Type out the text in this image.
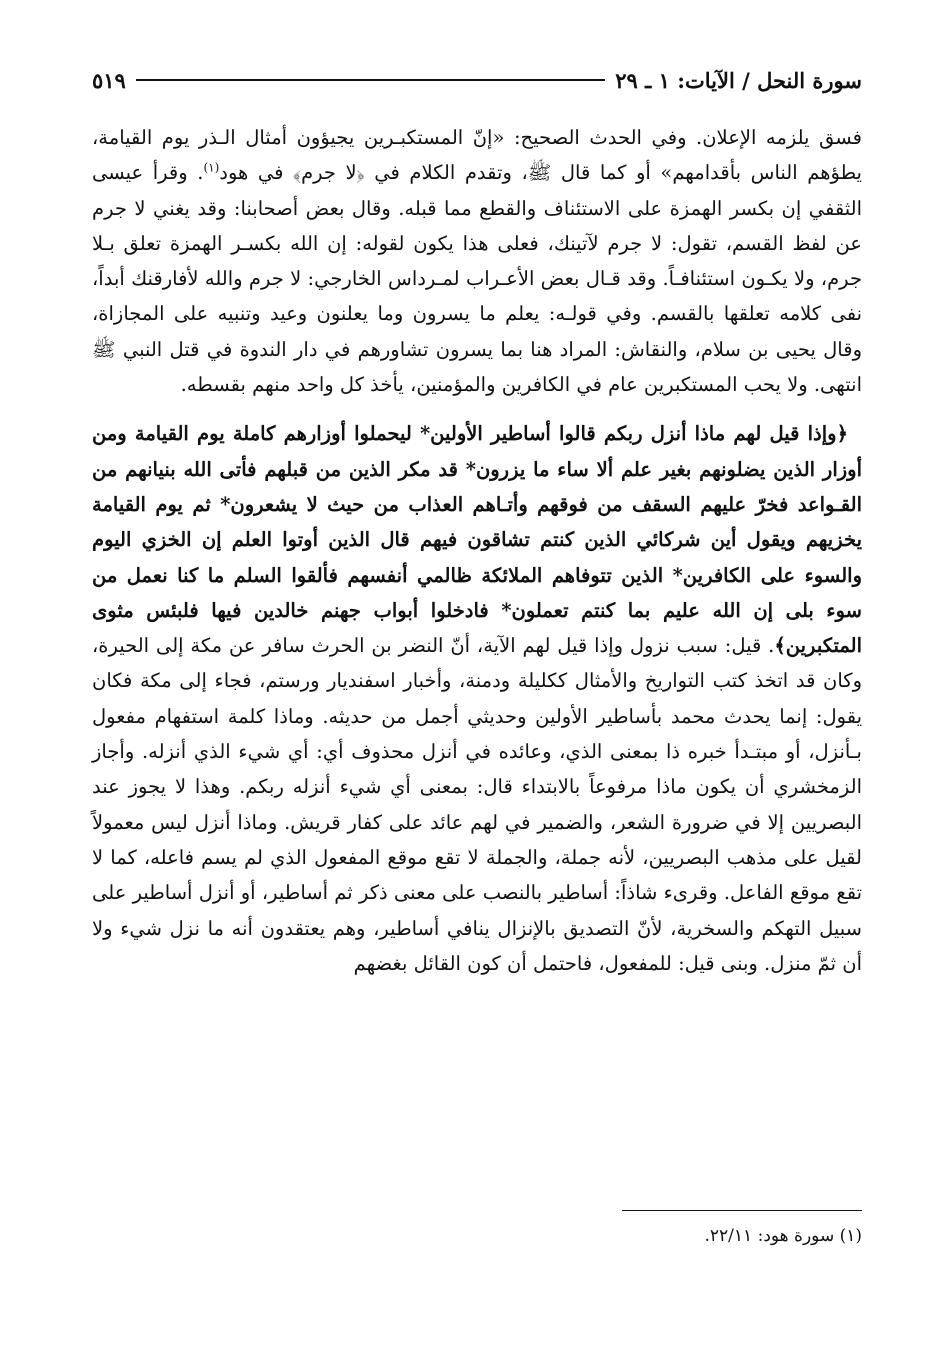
سورة النحل / الآيات: ١ ـ ٢٩
٥١٩

فسق يلزمه الإعلان. وفي الحدث الصحيح: «إنّ المستكبـرين يجيؤون أمثال الـذر يوم القيامة، يطؤهم الناس بأقدامهم» أو كما قال ﷺ، وتقدم الكلام في ﴿لا جرم﴾ في هود$^{(١)}$. وقرأ عيسى الثقفي إن بكسر الهمزة على الاستئناف والقطع مما قبله. وقال بعض أصحابنا: وقد يغني لا جرم عن لفظ القسم، تقول: لا جرم لآتينك، فعلى هذا يكون لقوله: إن الله بكسـر الهمزة تعلق بـلا جرم، ولا يكـون استئنافـاً. وقد قـال بعض الأعـراب لمـرداس الخارجي: لا جرم والله لأفارقنك أبداً، نفى كلامه تعلقها بالقسم. وفي قولـه: يعلم ما يسرون وما يعلنون وعيد وتنبيه على المجازاة، وقال يحيى بن سلام، والنقاش: المراد هنا بما يسرون تشاورهم في دار الندوة في قتل النبي ﷺ انتهى. ولا يحب المستكبرين عام في الكافرين والمؤمنين، يأخذ كل واحد منهم بقسطه.

﴿وإذا قيل لهم ماذا أنزل ربكم قالوا أساطير الأولين* ليحملوا أوزارهم كاملة يوم القيامة ومن أوزار الذين يضلونهم بغير علم ألا ساء ما يزرون* قد مكر الذين من قبلهم فأتى الله بنيانهم من القـواعد فخرّ عليهم السقف من فوقهم وأتـاهم العذاب من حيث لا يشعرون* ثم يوم القيامة يخزيهم ويقول أين شركائي الذين كنتم تشاقون فيهم قال الذين أوتوا العلم إن الخزي اليوم والسوء على الكافرين* الذين تتوفاهم الملائكة ظالمي أنفسهم فألقوا السلم ما كنا نعمل من سوء بلى إن الله عليم بما كنتم تعملون* فادخلوا أبواب جهنم خالدين فيها فلبئس مثوى المتكبرين﴾. قيل: سبب نزول وإذا قيل لهم الآية، أنّ النضر بن الحرث سافر عن مكة إلى الحيرة، وكان قد اتخذ كتب التواريخ والأمثال ككليلة ودمنة، وأخبار اسفنديار ورستم، فجاء إلى مكة فكان يقول: إنما يحدث محمد بأساطير الأولين وحديثي أجمل من حديثه. وماذا كلمة استفهام مفعول بـأنزل، أو مبتـدأ خبره ذا بمعنى الذي، وعائده في أنزل محذوف أي: أي شيء الذي أنزله. وأجاز الزمخشري أن يكون ماذا مرفوعاً بالابتداء قال: بمعنى أي شيء أنزله ربكم. وهذا لا يجوز عند البصريين إلا في ضرورة الشعر، والضمير في لهم عائد على كفار قريش. وماذا أنزل ليس معمولاً لقيل على مذهب البصريين، لأنه جملة، والجملة لا تقع موقع المفعول الذي لم يسم فاعله، كما لا تقع موقع الفاعل. وقرىء شاذاً: أساطير بالنصب على معنى ذكر ثم أساطير، أو أنزل أساطير على سبيل التهكم والسخرية، لأنّ التصديق بالإنزال ينافي أساطير، وهم يعتقدون أنه ما نزل شيء ولا أن ثمّ منزل. وبنى قيل: للمفعول، فاحتمل أن كون القائل بغضهم

(١) سورة هود: ٢٢/١١.
